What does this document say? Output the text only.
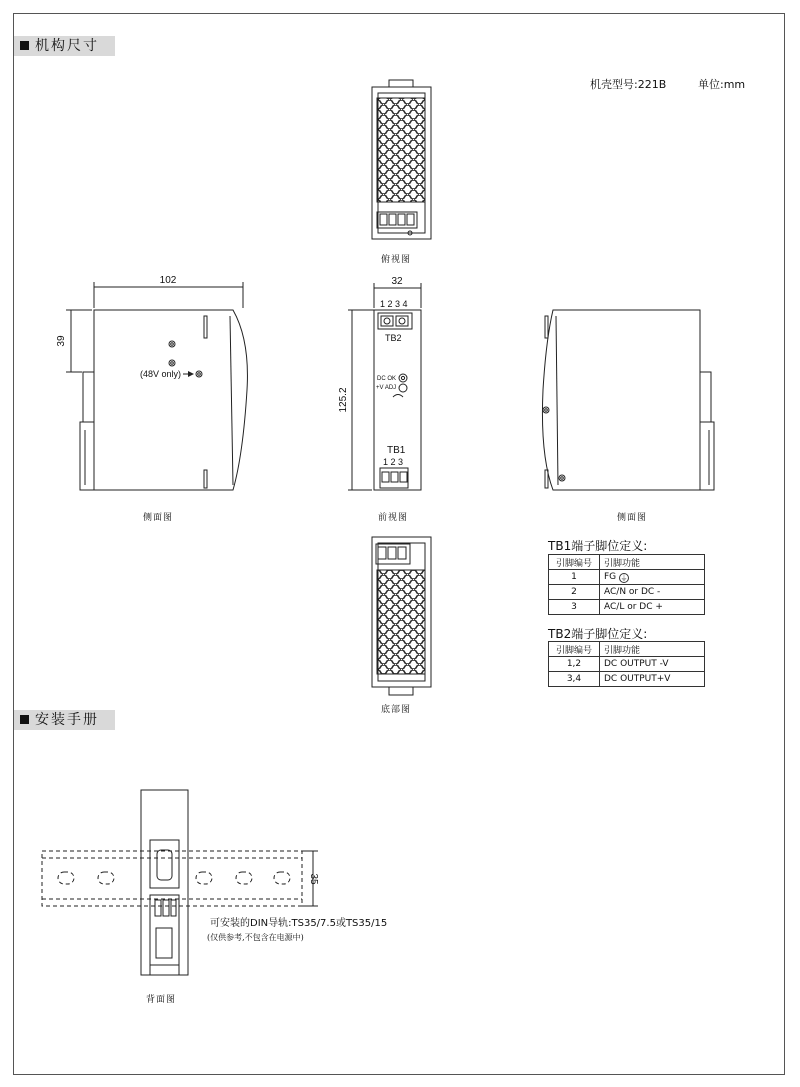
机构尺寸
安装手册
机壳型号:221B	单位:mm
102
39
32
125.2
35
(48V only)
1 2 3 4
TB2
DC OK
+V ADJ
TB1
1 2 3
俯视图
侧面图	前视图	侧面图
底部图
背面图
TB1端子脚位定义:
引脚编号	引脚功能
1	FG ⏚
2	AC/N or DC -
3	AC/L or DC +
TB2端子脚位定义:
引脚编号	引脚功能
1,2	DC OUTPUT -V
3,4	DC OUTPUT+V
可安装的DIN导轨:TS35/7.5或TS35/15
(仅供参考,不包含在电源中)
